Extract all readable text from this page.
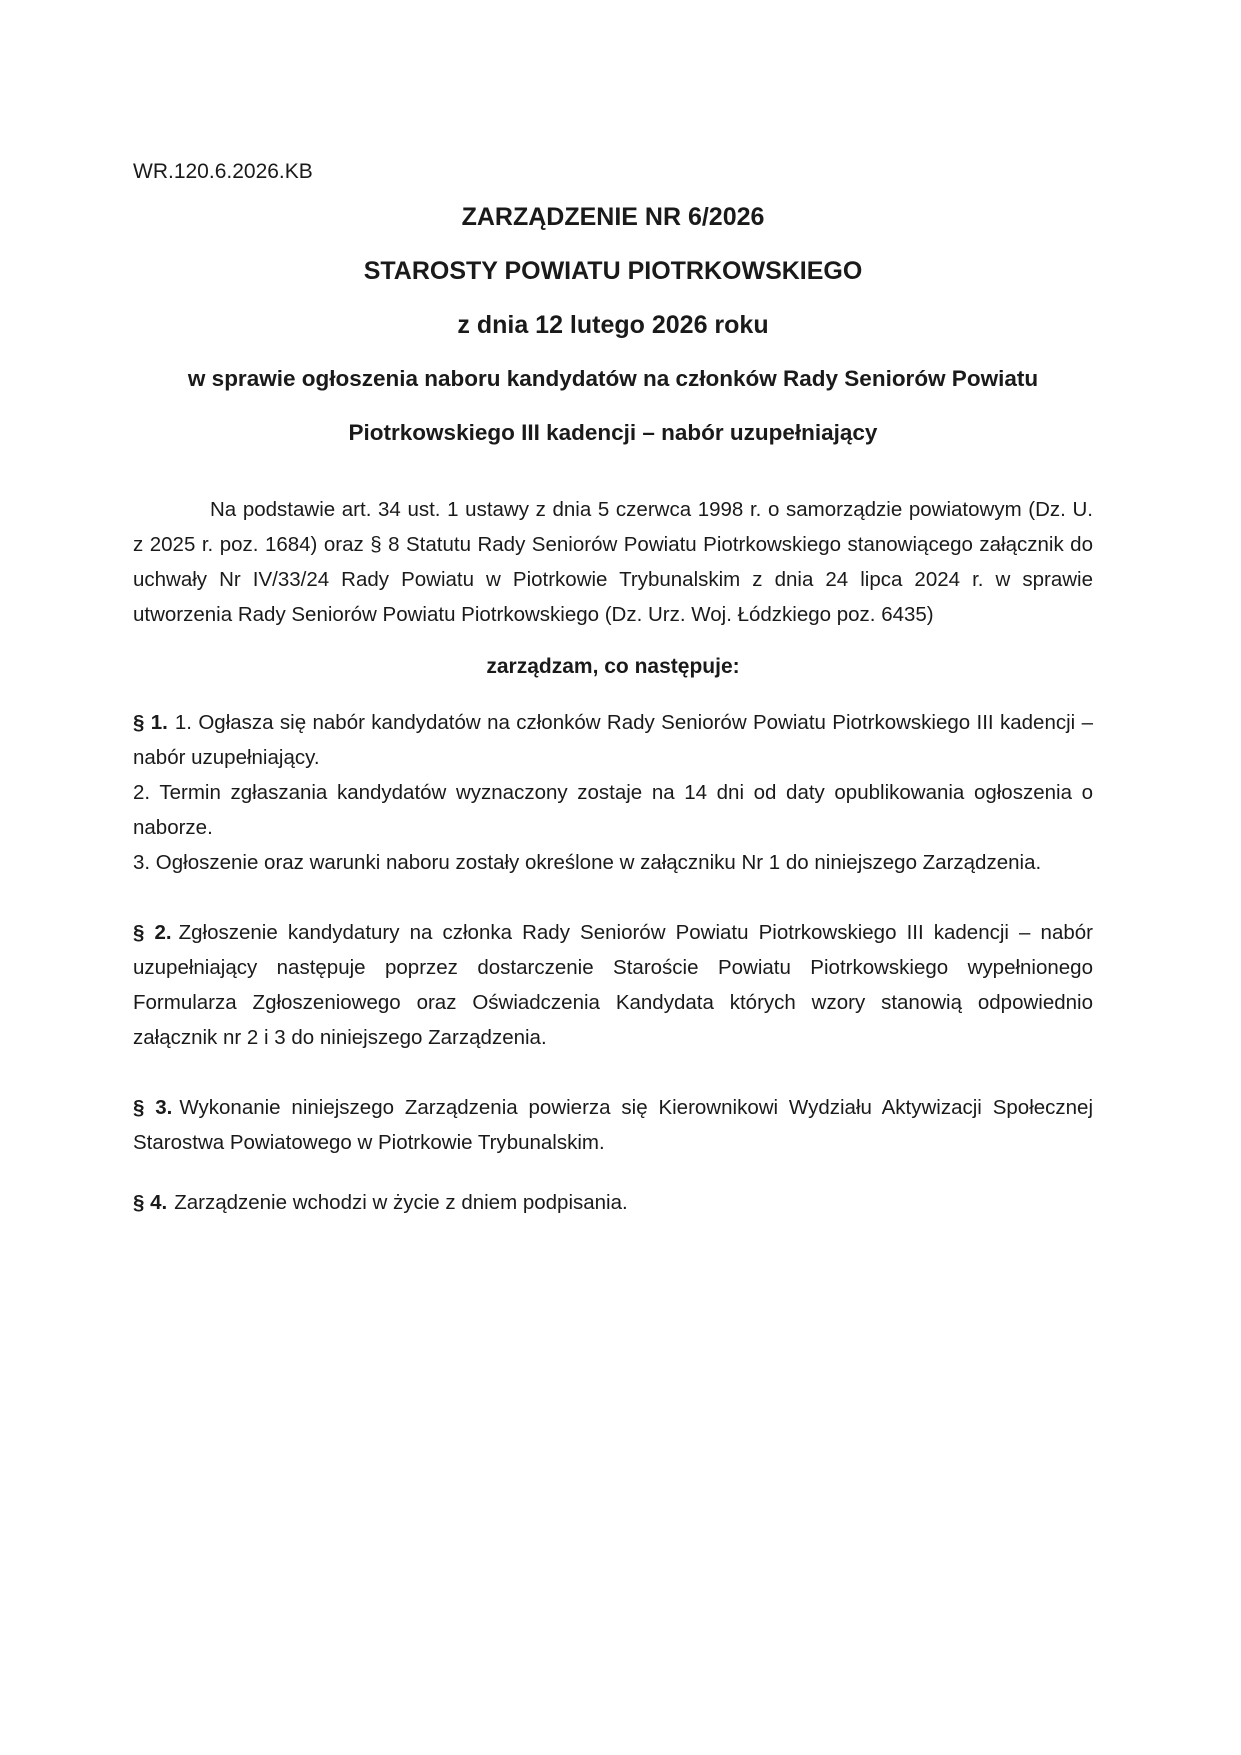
WR.120.6.2026.KB

ZARZĄDZENIE NR 6/2026

STAROSTY POWIATU PIOTRKOWSKIEGO

z dnia 12 lutego 2026 roku

w sprawie ogłoszenia naboru kandydatów na członków Rady Seniorów Powiatu

Piotrkowskiego III kadencji – nabór uzupełniający

Na podstawie art. 34 ust. 1 ustawy z dnia 5 czerwca 1998 r. o samorządzie powiatowym (Dz. U. z 2025 r. poz. 1684) oraz § 8 Statutu Rady Seniorów Powiatu Piotrkowskiego stanowiącego załącznik do uchwały Nr IV/33/24 Rady Powiatu w Piotrkowie Trybunalskim z dnia 24 lipca 2024 r. w sprawie utworzenia Rady Seniorów Powiatu Piotrkowskiego (Dz. Urz. Woj. Łódzkiego poz. 6435)

zarządzam, co następuje:

§ 1. 1. Ogłasza się nabór kandydatów na członków Rady Seniorów Powiatu Piotrkowskiego III kadencji – nabór uzupełniający.

2. Termin zgłaszania kandydatów wyznaczony zostaje na 14 dni od daty opublikowania ogłoszenia o naborze.

3. Ogłoszenie oraz warunki naboru zostały określone w załączniku Nr 1 do niniejszego Zarządzenia.

§ 2. Zgłoszenie kandydatury na członka Rady Seniorów Powiatu Piotrkowskiego III kadencji – nabór uzupełniający następuje poprzez dostarczenie Staroście Powiatu Piotrkowskiego wypełnionego Formularza Zgłoszeniowego oraz Oświadczenia Kandydata których wzory stanowią odpowiednio załącznik nr 2 i 3 do niniejszego Zarządzenia.

§ 3. Wykonanie niniejszego Zarządzenia powierza się Kierownikowi Wydziału Aktywizacji Społecznej Starostwa Powiatowego w Piotrkowie Trybunalskim.

§ 4. Zarządzenie wchodzi w życie z dniem podpisania.
